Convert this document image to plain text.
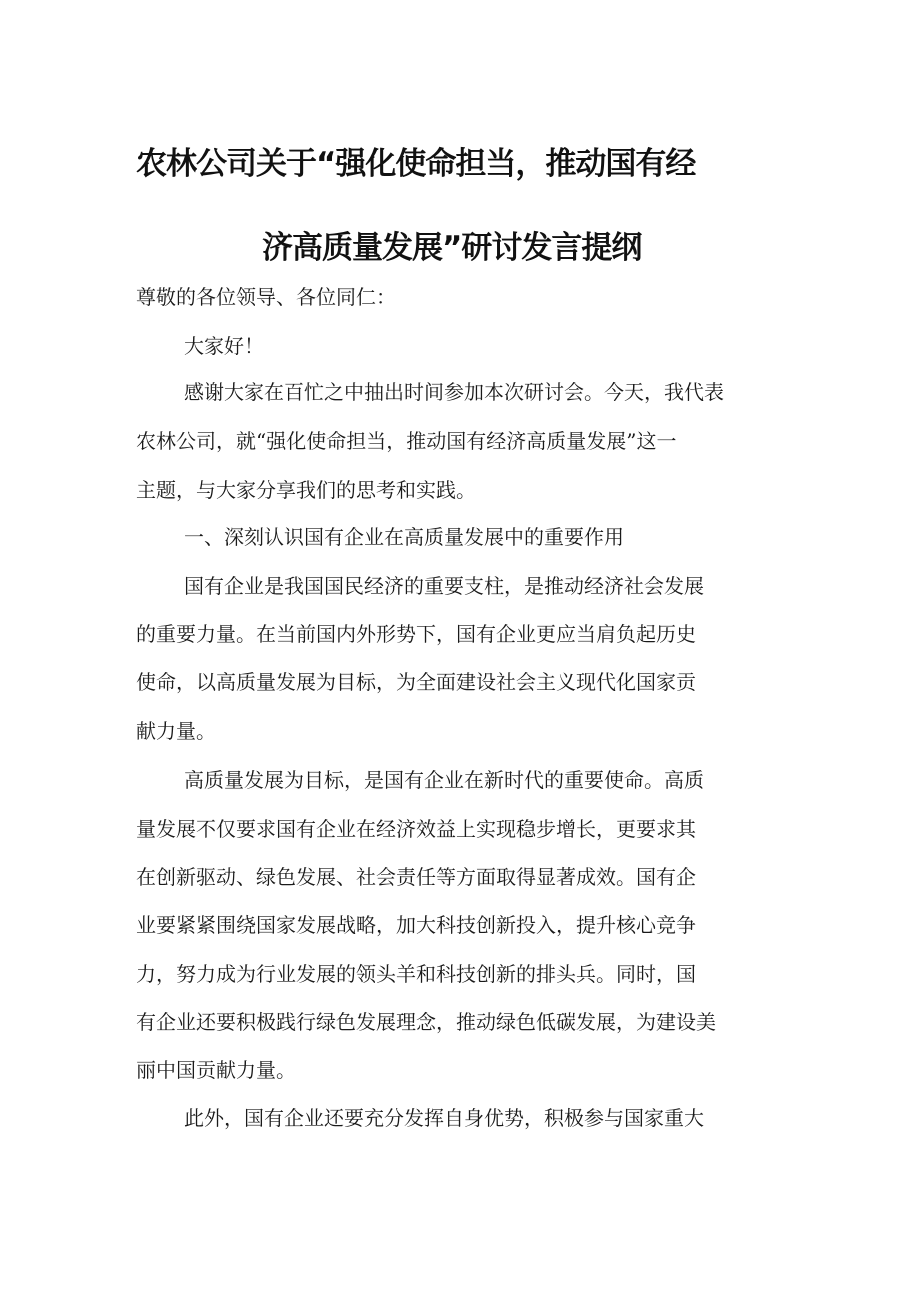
农林公司关于“强化使命担当，推动国有经
济高质量发展”研讨发言提纲
尊敬的各位领导、各位同仁：
大家好！
感谢大家在百忙之中抽出时间参加本次研讨会。今天，我代表
农林公司，就“强化使命担当，推动国有经济高质量发展”这一
主题，与大家分享我们的思考和实践。
一、深刻认识国有企业在高质量发展中的重要作用
国有企业是我国国民经济的重要支柱，是推动经济社会发展
的重要力量。在当前国内外形势下，国有企业更应当肩负起历史
使命，以高质量发展为目标，为全面建设社会主义现代化国家贡
献力量。
高质量发展为目标，是国有企业在新时代的重要使命。高质
量发展不仅要求国有企业在经济效益上实现稳步增长，更要求其
在创新驱动、绿色发展、社会责任等方面取得显著成效。国有企
业要紧紧围绕国家发展战略，加大科技创新投入，提升核心竞争
力，努力成为行业发展的领头羊和科技创新的排头兵。同时，国
有企业还要积极践行绿色发展理念，推动绿色低碳发展，为建设美
丽中国贡献力量。
此外，国有企业还要充分发挥自身优势，积极参与国家重大
